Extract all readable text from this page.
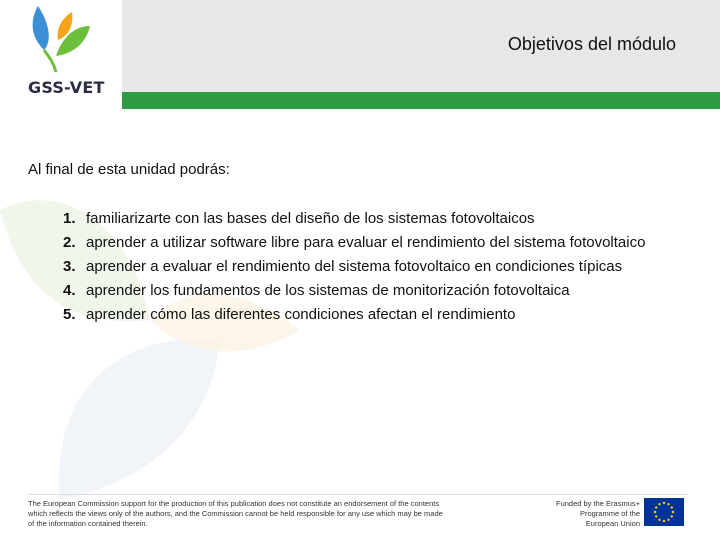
GSS-VET
Objetivos del módulo
Al final de esta unidad podrás:
1. familiarizarte con las bases del diseño de los sistemas fotovoltaicos
2. aprender a utilizar software libre para evaluar el rendimiento del sistema fotovoltaico
3. aprender a evaluar el rendimiento del sistema fotovoltaico en condiciones típicas
4. aprender los fundamentos de los sistemas de monitorización fotovoltaica
5. aprender cómo las diferentes condiciones afectan el rendimiento
The European Commission support for the production of this publication does not constitute an endorsement of the contents which reflects the views only of the authors, and the Commission cannot be held responsible for any use which may be made of the information contained therein.
Funded by the Erasmus+ Programme of the European Union
